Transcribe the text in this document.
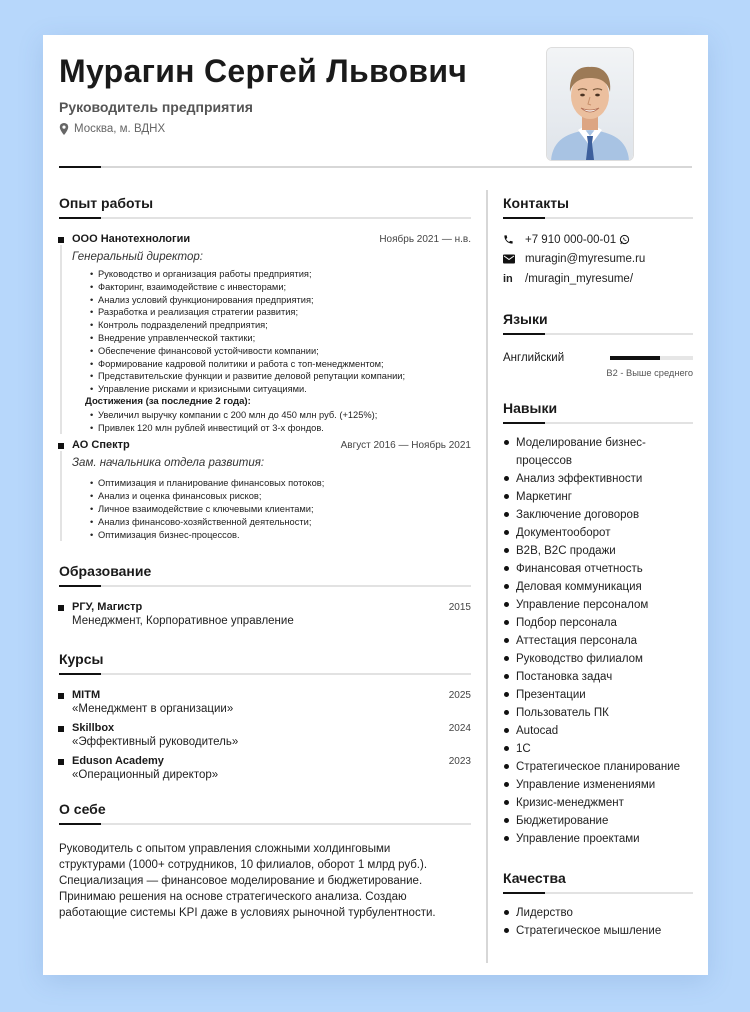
Мурагин Сергей Львович
Руководитель предприятия
Москва, м. ВДНХ
Опыт работы
ООО Нанотехнологии	Ноябрь 2021 — н.в.
Генеральный директор:
• Руководство и организация работы предприятия;
• Факторинг, взаимодействие с инвесторами;
• Анализ условий функционирования предприятия;
• Разработка и реализация стратегии развития;
• Контроль подразделений предприятия;
• Внедрение управленческой тактики;
• Обеспечение финансовой устойчивости компании;
• Формирование кадровой политики и работа с топ-менеджментом;
• Представительские функции и развитие деловой репутации компании;
• Управление рисками и кризисными ситуациями.
Достижения (за последние 2 года):
• Увеличил выручку компании с 200 млн до 450 млн руб. (+125%);
• Привлек 120 млн рублей инвестиций от 3-х фондов.
АО Спектр	Август 2016 — Ноябрь 2021
Зам. начальника отдела развития:
• Оптимизация и планирование финансовых потоков;
• Анализ и оценка финансовых рисков;
• Личное взаимодействие с ключевыми клиентами;
• Анализ финансово-хозяйственной деятельности;
• Оптимизация бизнес-процессов.
Образование
РГУ, Магистр	2015
Менеджмент, Корпоративное управление
Курсы
MITM	2025
«Менеджмент в организации»
Skillbox	2024
«Эффективный руководитель»
Eduson Academy	2023
«Операционный директор»
О себе
Руководитель с опытом управления сложными холдинговыми
структурами (1000+ сотрудников, 10 филиалов, оборот 1 млрд руб.).
Специализация — финансовое моделирование и бюджетирование.
Принимаю решения на основе стратегического анализа. Создаю
работающие системы KPI даже в условиях рыночной турбулентности.
Контакты
+7 910 000-00-01
muragin@myresume.ru
in	/muragin_myresume/
Языки
Английский
B2 - Выше среднего
Навыки
Моделирование бизнес-процессов
Анализ эффективности
Маркетинг
Заключение договоров
Документооборот
B2B, B2C продажи
Финансовая отчетность
Деловая коммуникация
Управление персоналом
Подбор персонала
Аттестация персонала
Руководство филиалом
Постановка задач
Презентации
Пользователь ПК
Autocad
1C
Стратегическое планирование
Управление изменениями
Кризис-менеджмент
Бюджетирование
Управление проектами
Качества
Лидерство
Стратегическое мышление
